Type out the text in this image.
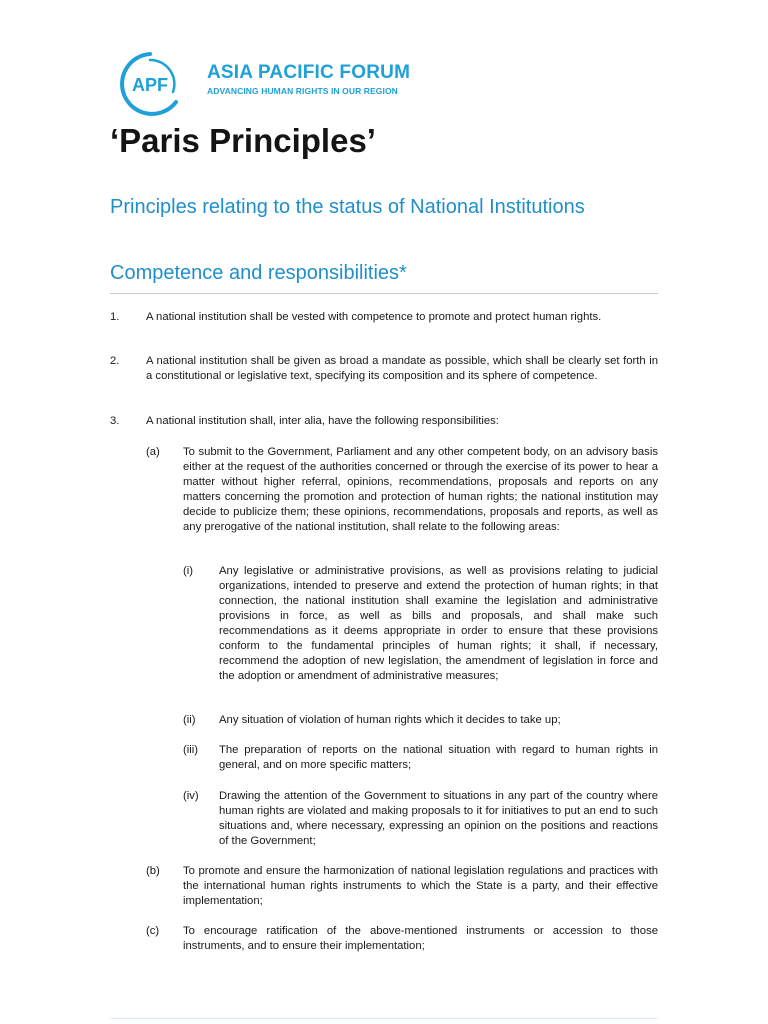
APF
ASIA PACIFIC FORUM
ADVANCING HUMAN RIGHTS IN OUR REGION
‘Paris Principles’
Principles relating to the status of National Institutions
Competence and responsibilities*
1. A national institution shall be vested with competence to promote and protect human rights.
2. A national institution shall be given as broad a mandate as possible, which shall be clearly set forth in a constitutional or legislative text, specifying its composition and its sphere of competence.
3. A national institution shall, inter alia, have the following responsibilities:
(a) To submit to the Government, Parliament and any other competent body, on an advisory basis either at the request of the authorities concerned or through the exercise of its power to hear a matter without higher referral, opinions, recommendations, proposals and reports on any matters concerning the promotion and protection of human rights; the national institution may decide to publicize them; these opinions, recommendations, proposals and reports, as well as any prerogative of the national institution, shall relate to the following areas:
(i) Any legislative or administrative provisions, as well as provisions relating to judicial organizations, intended to preserve and extend the protection of human rights; in that connection, the national institution shall examine the legislation and administrative provisions in force, as well as bills and proposals, and shall make such recommendations as it deems appropriate in order to ensure that these provisions conform to the fundamental principles of human rights; it shall, if necessary, recommend the adoption of new legislation, the amendment of legislation in force and the adoption or amendment of administrative measures;
(ii) Any situation of violation of human rights which it decides to take up;
(iii) The preparation of reports on the national situation with regard to human rights in general, and on more specific matters;
(iv) Drawing the attention of the Government to situations in any part of the country where human rights are violated and making proposals to it for initiatives to put an end to such situations and, where necessary, expressing an opinion on the positions and reactions of the Government;
(b) To promote and ensure the harmonization of national legislation regulations and practices with the international human rights instruments to which the State is a party, and their effective implementation;
(c) To encourage ratification of the above-mentioned instruments or accession to those instruments, and to ensure their implementation;
